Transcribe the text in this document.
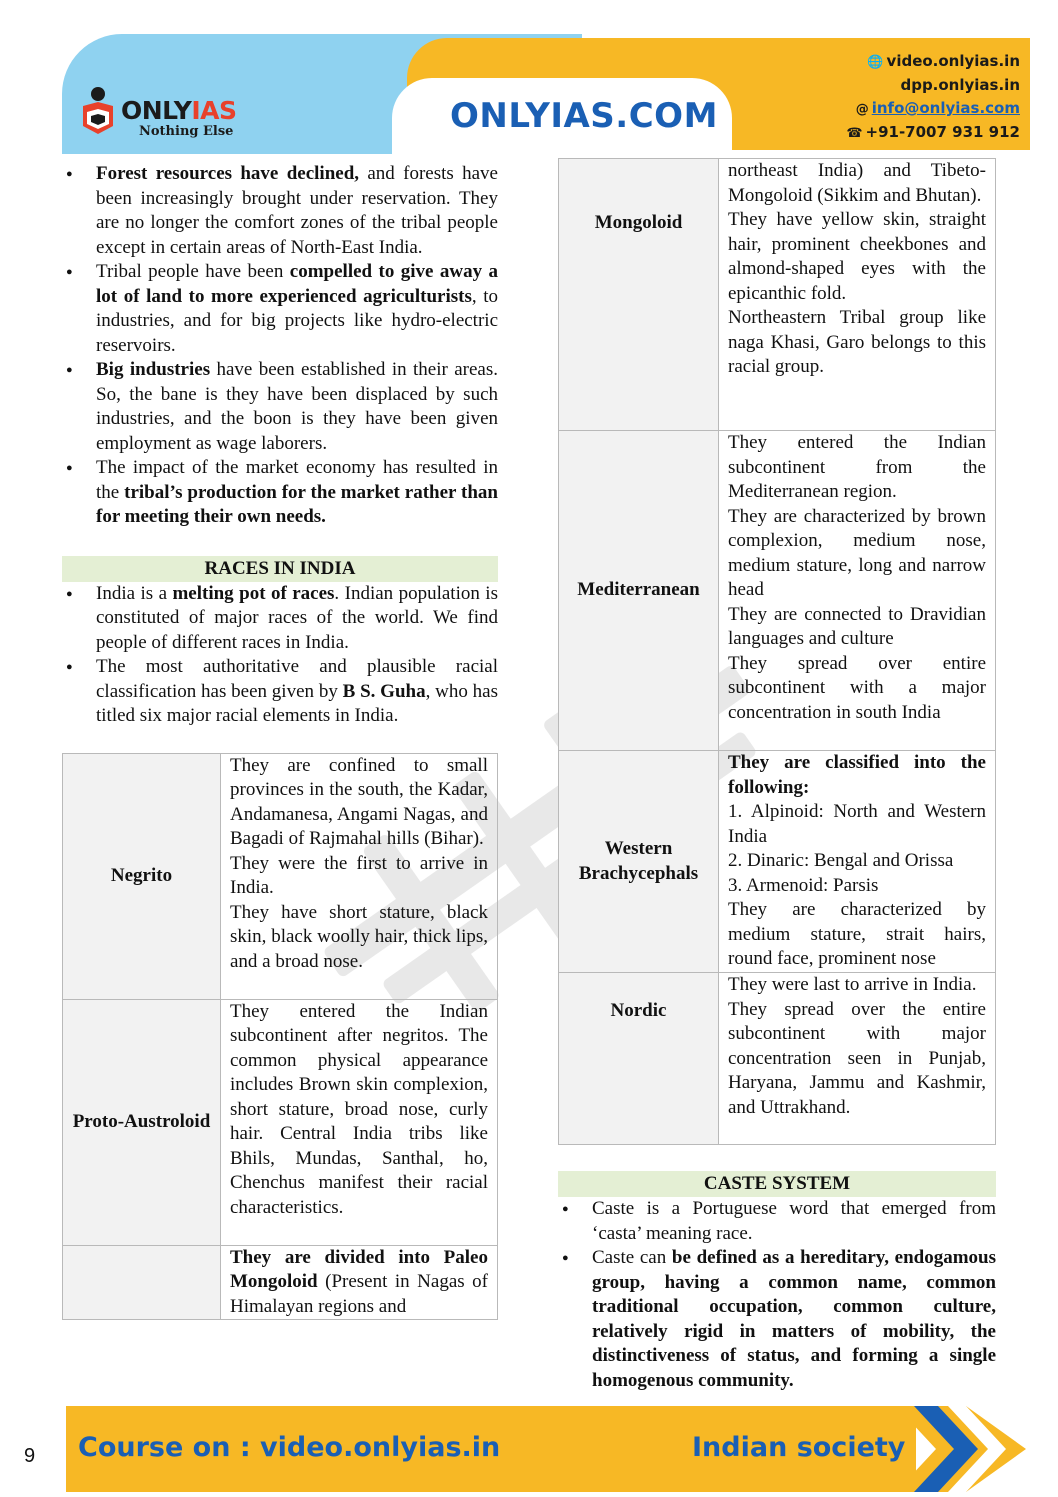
ONLYIAS
Nothing Else	ONLYIAS.COM
🌐 video.onlyias.in
dpp.onlyias.in
@ info@onlyias.com
☎ +91-7007 931 912
● Forest resources have declined, and forests have been increasingly brought under reservation. They are no longer the comfort zones of the tribal people except in certain areas of North-East India.
● Tribal people have been compelled to give away a lot of land to more experienced agriculturists, to industries, and for big projects like hydro-electric reservoirs.
● Big industries have been established in their areas. So, the bane is they have been displaced by such industries, and the boon is they have been given employment as wage laborers.
● The impact of the market economy has resulted in the tribal’s production for the market rather than for meeting their own needs.
RACES IN INDIA
● India is a melting pot of races. Indian population is constituted of major races of the world. We find people of different races in India.
● The most authoritative and plausible racial classification has been given by B S. Guha, who has titled six major racial elements in India.
Negrito	They are confined to small provinces in the south, the Kadar, Andamanesa, Angami Nagas, and Bagadi of Rajmahal hills (Bihar).
They were the first to arrive in India.
They have short stature, black skin, black woolly hair, thick lips, and a broad nose.

Proto-Austroloid	They entered the Indian subcontinent after negritos. The common physical appearance includes Brown skin complexion, short stature, broad nose, curly hair. Central India tribs like Bhils, Mundas, Santhal, ho, Chenchus manifest their racial characteristics.

	They are divided into Paleo Mongoloid (Present in Nagas of Himalayan regions and
Mongoloid	northeast India) and Tibeto-Mongoloid (Sikkim and Bhutan).
They have yellow skin, straight hair, prominent cheekbones and almond-shaped eyes with the epicanthic fold.
Northeastern Tribal group like naga Khasi, Garo belongs to this racial group.

Mediterranean	They entered the Indian subcontinent from the Mediterranean region.
They are characterized by brown complexion, medium nose, medium stature, long and narrow head
They are connected to Dravidian languages and culture
They spread over entire subcontinent with a major concentration in south India

Western Brachycephals	They are classified into the following:
1. Alpinoid: North and Western India
2. Dinaric: Bengal and Orissa
3. Armenoid: Parsis
They are characterized by medium stature, strait hairs, round face, prominent nose

Nordic	They were last to arrive in India.
They spread over the entire subcontinent with major concentration seen in Punjab, Haryana, Jammu and Kashmir, and Uttrakhand.
CASTE SYSTEM
● Caste is a Portuguese word that emerged from ‘casta’ meaning race.
● Caste can be defined as a hereditary, endogamous group, having a common name, common traditional occupation, common culture, relatively rigid in matters of mobility, the distinctiveness of status, and forming a single homogenous community.
Course on : video.onlyias.in	Indian society
9
